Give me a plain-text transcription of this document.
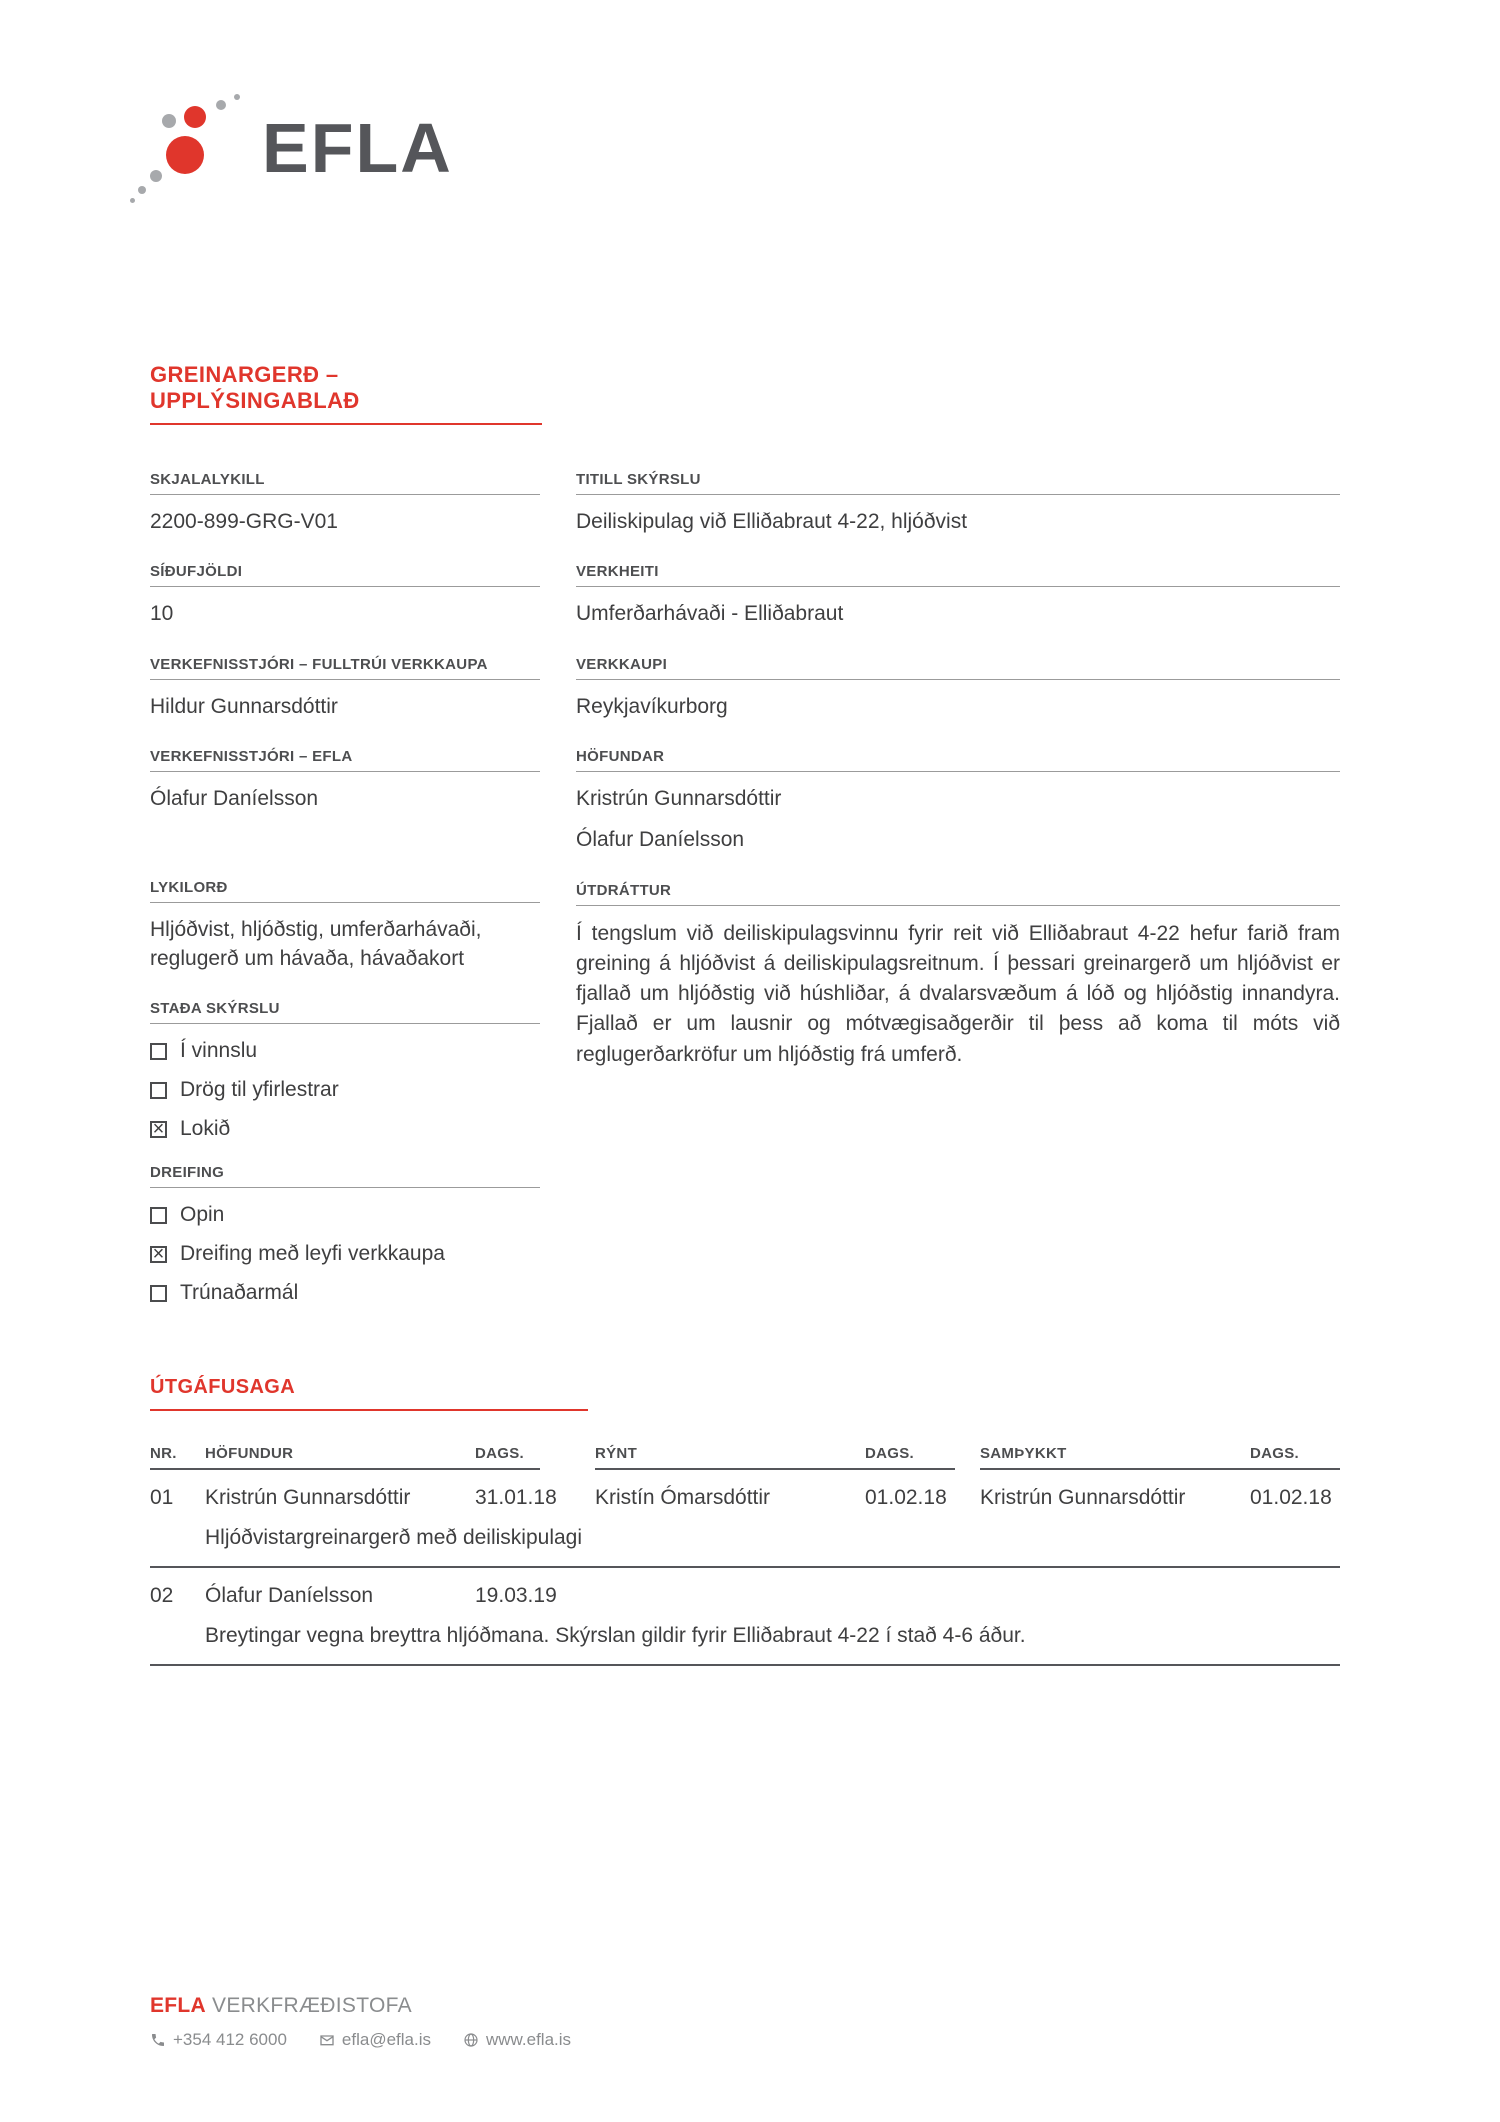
EFLA
GREINARGERÐ – UPPLÝSINGABLAÐ
SKJALALYKILL
2200-899-GRG-V01
SÍÐUFJÖLDI
10
VERKEFNISSTJÓRI – FULLTRÚI VERKKAUPA
Hildur Gunnarsdóttir
VERKEFNISSTJÓRI – EFLA
Ólafur Daníelsson
LYKILORÐ
Hljóðvist, hljóðstig, umferðarhávaði, reglugerð um hávaða, hávaðakort
STAÐA SKÝRSLU
Í vinnslu
Drög til yfirlestrar
× Lokið
DREIFING
Opin
× Dreifing með leyfi verkkaupa
Trúnaðarmál
TITILL SKÝRSLU
Deiliskipulag við Elliðabraut 4-22, hljóðvist
VERKHEITI
Umferðarhávaði - Elliðabraut
VERKKAUPI
Reykjavíkurborg
HÖFUNDAR
Kristrún Gunnarsdóttir
Ólafur Daníelsson
ÚTDRÁTTUR
Í tengslum við deiliskipulagsvinnu fyrir reit við Elliðabraut 4-22 hefur farið fram greining á hljóðvist á deiliskipulagsreitnum. Í þessari greinargerð um hljóðvist er fjallað um hljóðstig við húshliðar, á dvalarsvæðum á lóð og hljóðstig innandyra. Fjallað er um lausnir og mótvægisaðgerðir til þess að koma til móts við reglugerðarkröfur um hljóðstig frá umferð.
ÚTGÁFUSAGA
NR.	HÖFUNDUR	DAGS.	RÝNT	DAGS.	SAMÞYKKT	DAGS.
01	Kristrún Gunnarsdóttir	31.01.18	Kristín Ómarsdóttir	01.02.18	Kristrún Gunnarsdóttir	01.02.18
Hljóðvistargreinargerð með deiliskipulagi
02	Ólafur Daníelsson	19.03.19
Breytingar vegna breyttra hljóðmana. Skýrslan gildir fyrir Elliðabraut 4-22 í stað 4-6 áður.
EFLA VERKFRÆÐISTOFA
+354 412 6000	efla@efla.is	www.efla.is
